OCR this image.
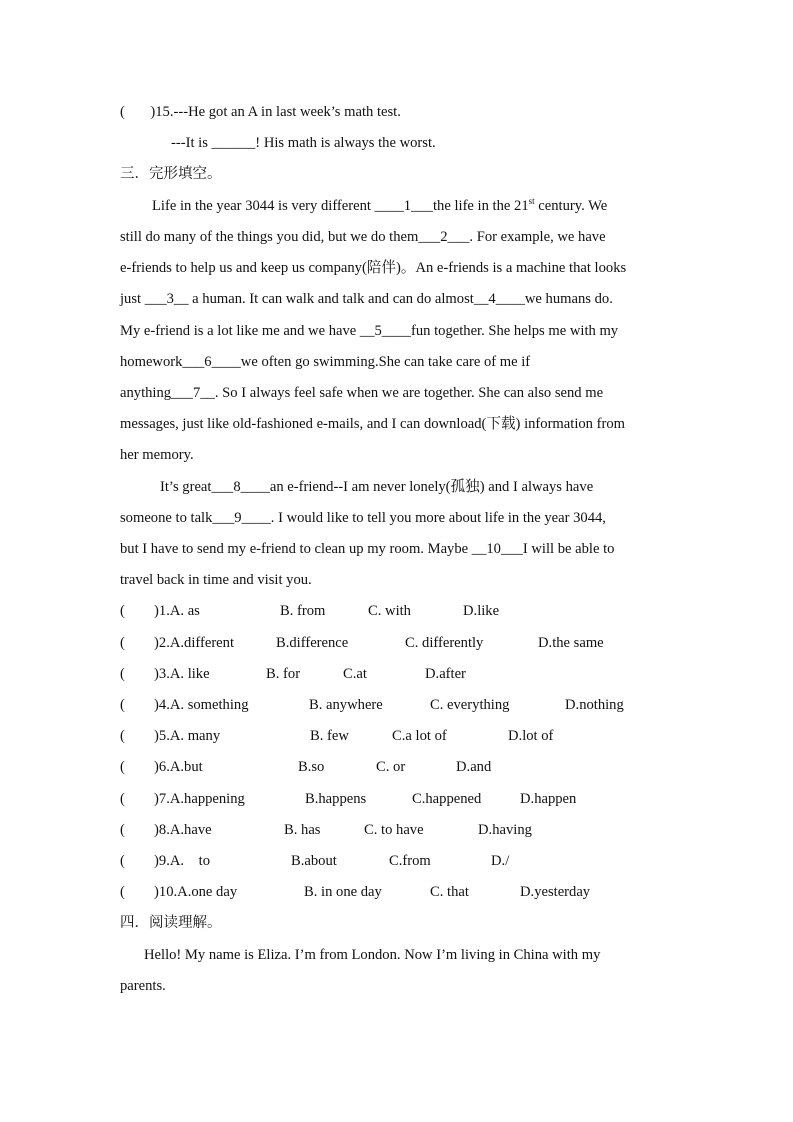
(       )15.---He got an A in last week’s math test.
---It is ______! His math is always the worst.
三．完形填空。
Life in the year 3044 is very different ____1___the life in the 21st century. We
still do many of the things you did, but we do them___2___. For example, we have
e-friends to help us and keep us company(陪伴)。An e-friends is a machine that looks
just ___3__ a human. It can walk and talk and can do almost__4____we humans do.
My e-friend is a lot like me and we have __5____fun together. She helps me with my
homework___6____we often go swimming.She can take care of me if
anything___7__. So I always feel safe when we are together. She can also send me
messages, just like old-fashioned e-mails, and I can download(下载) information from
her memory.
It’s great___8____an e-friend--I am never lonely(孤独) and I always have
someone to talk___9____. I would like to tell you more about life in the year 3044,
but I have to send my e-friend to clean up my room. Maybe __10___I will be able to
travel back in time and visit you.
(        )1.A. as	B. from	C. with	D.like
(        )2.A.different	B.difference	C. differently	D.the same
(        )3.A. like	B. for	C.at	D.after
(        )4.A. something	B. anywhere	C. everything	D.nothing
(        )5.A. many	B. few	C.a lot of	D.lot of
(        )6.A.but	B.so	C. or	D.and
(        )7.A.happening	B.happens	C.happened	D.happen
(        )8.A.have	B. has	C. to have	D.having
(        )9.A.    to	B.about	C.from	D./
(        )10.A.one day	B. in one day	C. that	D.yesterday
四．阅读理解。
Hello! My name is Eliza. I’m from London. Now I’m living in China with my
parents.
